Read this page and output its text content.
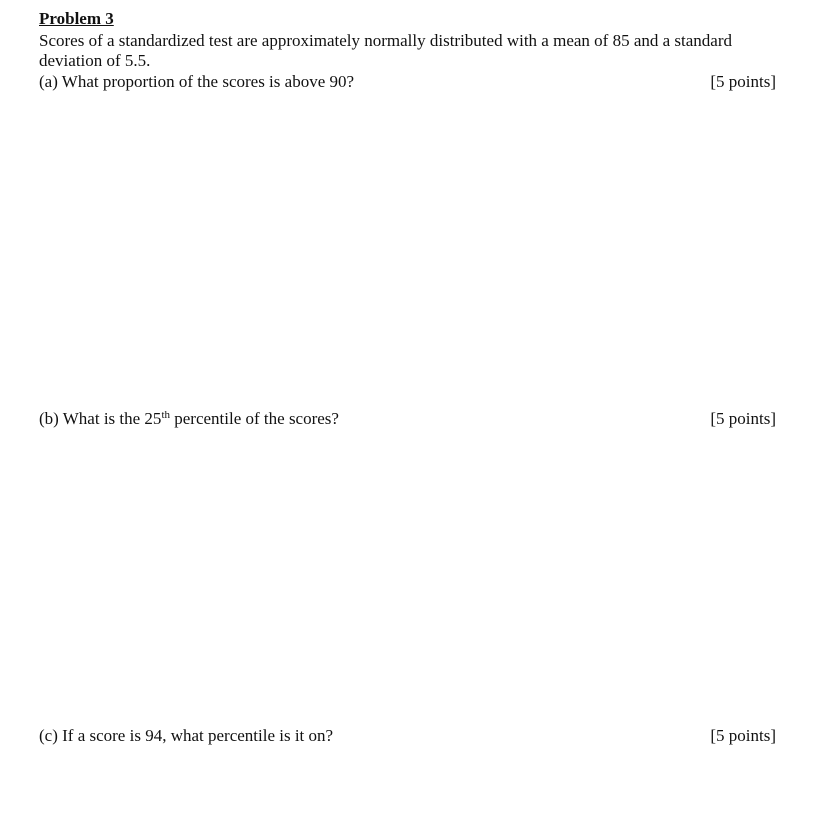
Problem 3
Scores of a standardized test are approximately normally distributed with a mean of 85 and a standard deviation of 5.5.
(a) What proportion of the scores is above 90?	[5 points]
(b) What is the 25th percentile of the scores?	[5 points]
(c) If a score is 94, what percentile is it on?	[5 points]
